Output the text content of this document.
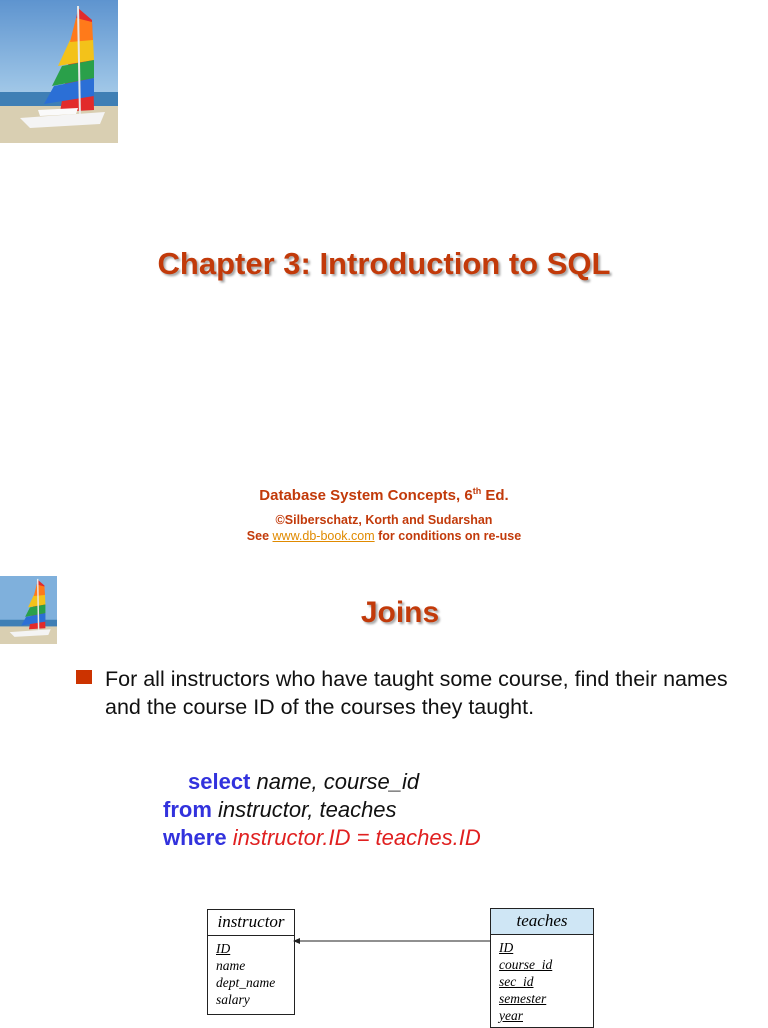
Chapter 3: Introduction to SQL
Database System Concepts, 6th Ed.
©Silberschatz, Korth and Sudarshan
See www.db-book.com for conditions on re-use
Joins
For all instructors who have taught some course, find their names and the course ID of the courses they taught.
select name, course_id
from instructor, teaches
where instructor.ID = teaches.ID
instructor
ID
name
dept_name
salary
teaches
ID
course_id
sec_id
semester
year
